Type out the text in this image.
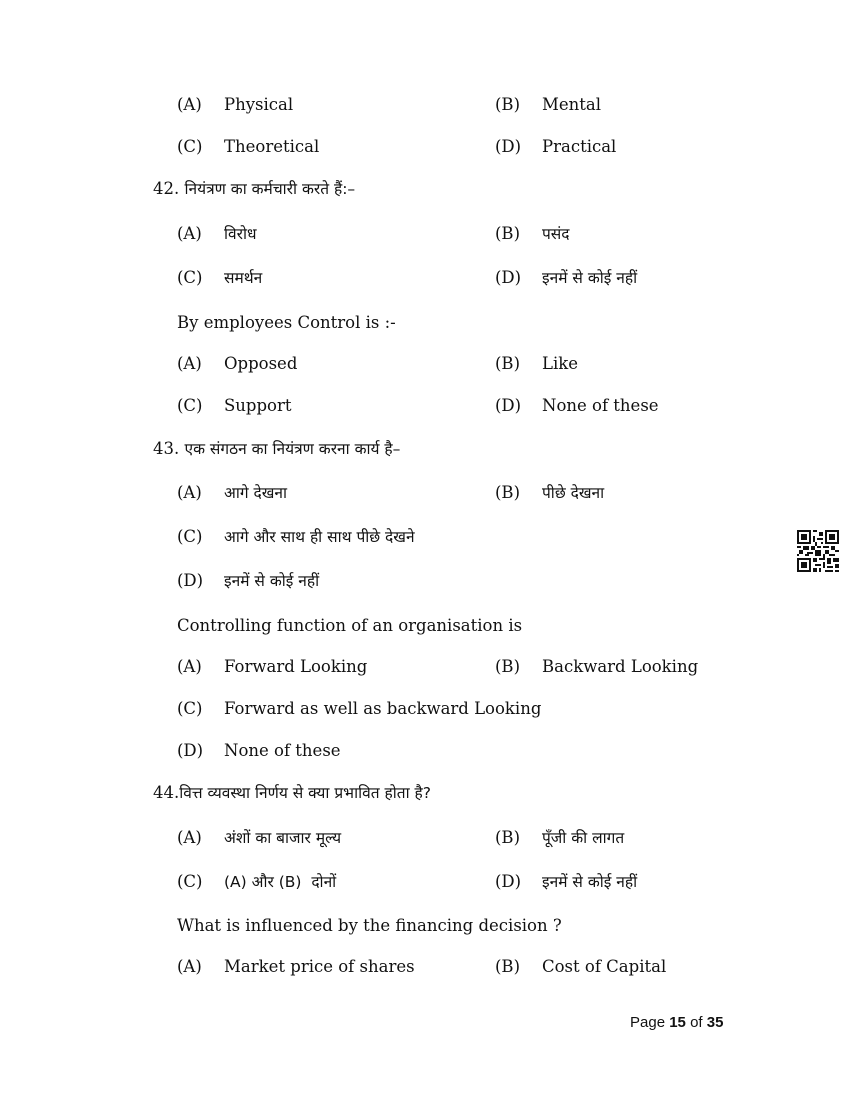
(A) Physical	(B) Mental
(C) Theoretical	(D) Practical
42. नियंत्रण का कर्मचारी करते हैं:–
(A) विरोध	(B) पसंद
(C) समर्थन	(D) इनमें से कोई नहीं
By employees Control is :-
(A) Opposed	(B) Like
(C) Support	(D) None of these
43. एक संगठन का नियंत्रण करना कार्य है–
(A) आगे देखना	(B) पीछे देखना
(C) आगे और साथ ही साथ पीछे देखने
(D) इनमें से कोई नहीं
Controlling function of an organisation is
(A) Forward Looking	(B) Backward Looking
(C) Forward as well as backward Looking
(D) None of these
44.वित्त व्यवस्था निर्णय से क्या प्रभावित होता है?
(A) अंशों का बाजार मूल्य	(B) पूँजी की लागत
(C) (A) और (B)  दोनों	(D) इनमें से कोई नहीं
What is influenced by the financing decision ?
(A) Market price of shares	(B) Cost of Capital
Page 15 of 35
